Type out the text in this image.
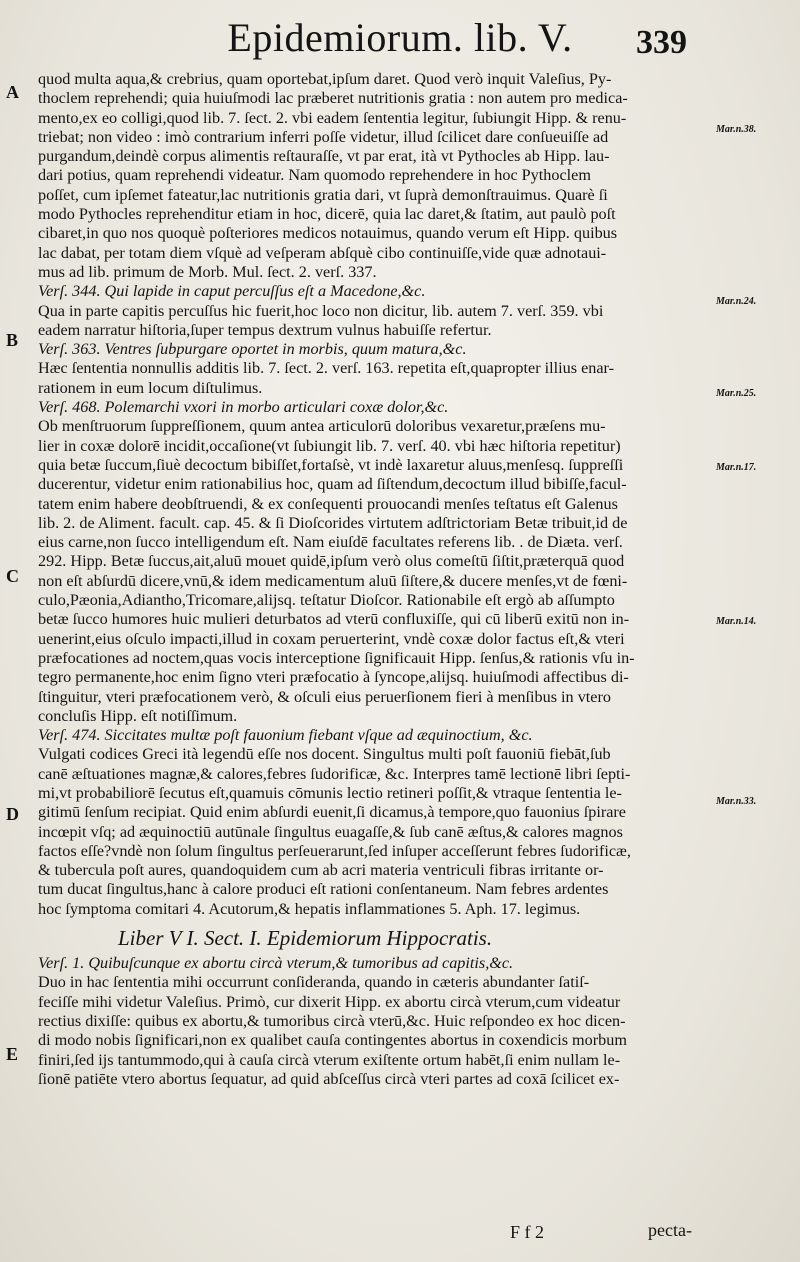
Epidemiorum. lib. V.	339
A
B
C
D
E
Mar.n.38.
Mar.n.24.
Mar.n.25.
Mar.n.17.
Mar.n.14.
Mar.n.33.
quod multa aqua,& crebrius, quam oportebat,ipſum daret. Quod verò inquit Valeſius, Py-
thoclem reprehendi; quia huiuſmodi lac præberet nutritionis gratia : non autem pro medica-
mento,ex eo colligi,quod lib. 7. ſect. 2. vbi eadem ſententia legitur, ſubiungit Hipp. & renu-
triebat; non video : imò contrarium inferri poſſe videtur, illud ſcilicet dare conſueuiſſe ad
purgandum,deindè corpus alimentis reſtauraſſe, vt par erat, ità vt Pythocles ab Hipp. lau-
dari potius, quam reprehendi videatur. Nam quomodo reprehendere in hoc Pythoclem
poſſet, cum ipſemet fateatur,lac nutritionis gratia dari, vt ſuprà demonſtrauimus. Quarè ſi
modo Pythocles reprehenditur etiam in hoc, dicerē, quia lac daret,& ſtatim, aut paulò poſt
cibaret,in quo nos quoquè poſteriores medicos notauimus, quando verum eſt Hipp. quibus
lac dabat, per totam diem vſquè ad veſperam abſquè cibo continuiſſe,vide quæ adnotaui-
mus ad lib. primum de Morb. Mul. ſect. 2. verſ. 337.
Verſ. 344. Qui lapide in caput percuſſus eſt a Macedone,&c.
Qua in parte capitis percuſſus hic fuerit,hoc loco non dicitur, lib. autem 7. verſ. 359. vbi
eadem narratur hiſtoria,ſuper tempus dextrum vulnus habuiſſe refertur.
Verſ. 363. Ventres ſubpurgare oportet in morbis, quum matura,&c.
Hæc ſententia nonnullis additis lib. 7. ſect. 2. verſ. 163. repetita eſt,quapropter illius enar-
rationem in eum locum diſtulimus.
Verſ. 468. Polemarchi vxori in morbo articulari coxæ dolor,&c.
Ob menſtruorum ſuppreſſionem, quum antea articulorū doloribus vexaretur,præſens mu-
lier in coxæ dolorē incidit,occaſione(vt ſubiungit lib. 7. verſ. 40. vbi hæc hiſtoria repetitur)
quia betæ ſuccum,ſiuè decoctum bibiſſet,fortaſsè, vt indè laxaretur aluus,menſesq. ſuppreſſi
ducerentur, videtur enim rationabilius hoc, quam ad ſiſtendum,decoctum illud bibiſſe,facul-
tatem enim habere deobſtruendi, & ex conſequenti prouocandi menſes teſtatus eſt Galenus
lib. 2. de Aliment. facult. cap. 45. & ſi Dioſcorides virtutem adſtrictoriam Betæ tribuit,id de
eius carne,non ſucco intelligendum eſt. Nam eiuſdē facultates referens lib. . de Diæta. verſ.
292. Hipp. Betæ ſuccus,ait,aluū mouet quidē,ipſum verò olus comeſtū ſiſtit,præterquā quod
non eſt abſurdū dicere,vnū,& idem medicamentum aluū ſiſtere,& ducere menſes,vt de fœni-
culo,Pæonia,Adiantho,Tricomare,alijsq. teſtatur Dioſcor. Rationabile eſt ergò ab aſſumpto
betæ ſucco humores huic mulieri deturbatos ad vterū confluxiſſe, qui cū liberū exitū non in-
uenerint,eius oſculo impacti,illud in coxam peruerterint, vndè coxæ dolor factus eſt,& vteri
præfocationes ad noctem,quas vocis interceptione ſignificauit Hipp. ſenſus,& rationis vſu in-
tegro permanente,hoc enim ſigno vteri præfocatio à ſyncope,alijsq. huiuſmodi affectibus di-
ſtinguitur, vteri præfocationem verò, & oſculi eius peruerſionem fieri à menſibus in vtero
concluſis Hipp. eſt notiſſimum.
Verſ. 474. Siccitates multæ poſt fauonium fiebant vſque ad æquinoctium, &c.
Vulgati codices Greci ità legendū eſſe nos docent. Singultus multi poſt fauoniū fiebāt,ſub
canē æſtuationes magnæ,& calores,febres ſudorificæ, &c. Interpres tamē lectionē libri ſepti-
mi,vt probabiliorē ſecutus eſt,quamuis cōmunis lectio retineri poſſit,& vtraque ſententia le-
gitimū ſenſum recipiat. Quid enim abſurdi euenit,ſi dicamus,à tempore,quo fauonius ſpirare
incœpit vſq; ad æquinoctiū autūnale ſingultus euagaſſe,& ſub canē æſtus,& calores magnos
factos eſſe?vndè non ſolum ſingultus perſeuerarunt,ſed inſuper acceſſerunt febres ſudorificæ,
& tubercula poſt aures, quandoquidem cum ab acri materia ventriculi fibras irritante or-
tum ducat ſingultus,hanc à calore produci eſt rationi conſentaneum. Nam febres ardentes
hoc ſymptoma comitari 4. Acutorum,& hepatis inflammationes 5. Aph. 17. legimus.
Liber V I. Sect. I. Epidemiorum Hippocratis.
Verſ. 1. Quibuſcunque ex abortu circà vterum,& tumoribus ad capitis,&c.
Duo in hac ſententia mihi occurrunt conſideranda, quando in cæteris abundanter ſatiſ-
feciſſe mihi videtur Valeſius. Primò, cur dixerit Hipp. ex abortu circà vterum,cum videatur
rectius dixiſſe: quibus ex abortu,& tumoribus circà vterū,&c. Huic reſpondeo ex hoc dicen-
di modo nobis ſignificari,non ex qualibet cauſa contingentes abortus in coxendicis morbum
finiri,ſed ijs tantummodo,qui à cauſa circà vterum exiſtente ortum habēt,ſi enim nullam le-
ſionē patiēte vtero abortus ſequatur, ad quid abſceſſus circà vteri partes ad coxā ſcilicet ex-
F f 2	pecta-
